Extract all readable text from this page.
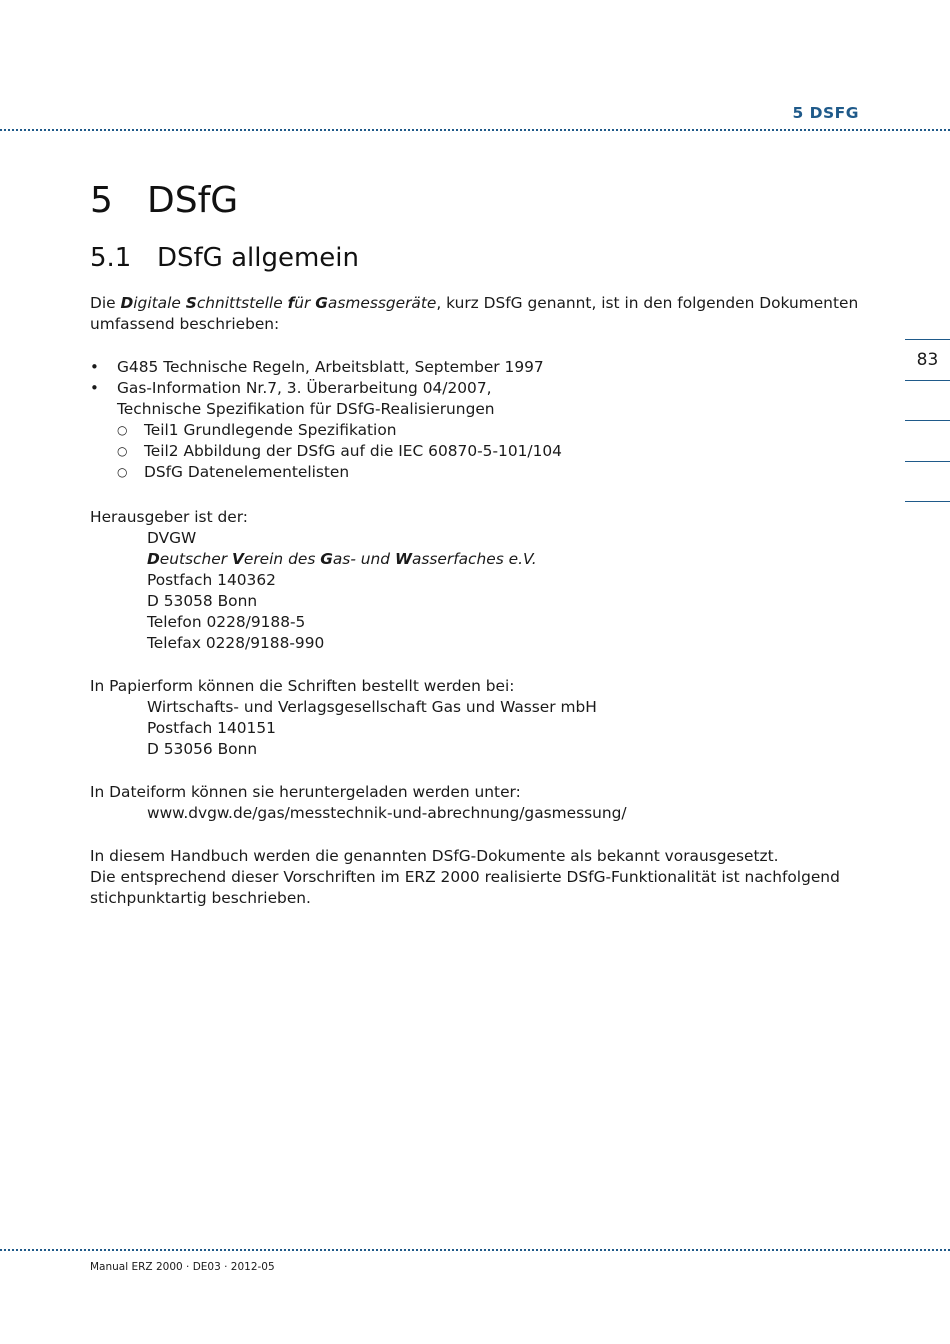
5 DSFG
5 DSfG
5.1 DSfG allgemein
Die Digitale Schnittstelle für Gasmessgeräte, kurz DSfG genannt, ist in den folgenden Dokumenten umfassend beschrieben:
•	G485 Technische Regeln, Arbeitsblatt, September 1997
•	Gas-Information Nr.7, 3. Überarbeitung 04/2007,
Technische Spezifikation für DSfG-Realisierungen
○	Teil1 Grundlegende Spezifikation
○	Teil2 Abbildung der DSfG auf die IEC 60870-5-101/104
○	DSfG Datenelementelisten
Herausgeber ist der:
DVGW
Deutscher Verein des Gas- und Wasserfaches e.V.
Postfach 140362
D 53058 Bonn
Telefon 0228/9188-5
Telefax 0228/9188-990
In Papierform können die Schriften bestellt werden bei:
Wirtschafts- und Verlagsgesellschaft Gas und Wasser mbH
Postfach 140151
D 53056 Bonn
In Dateiform können sie heruntergeladen werden unter:
www.dvgw.de/gas/messtechnik-und-abrechnung/gasmessung/
In diesem Handbuch werden die genannten DSfG-Dokumente als bekannt vorausgesetzt.
Die entsprechend dieser Vorschriften im ERZ 2000 realisierte DSfG-Funktionalität ist nachfolgend
stichpunktartig beschrieben.
83
Manual ERZ 2000 · DE03 · 2012-05
